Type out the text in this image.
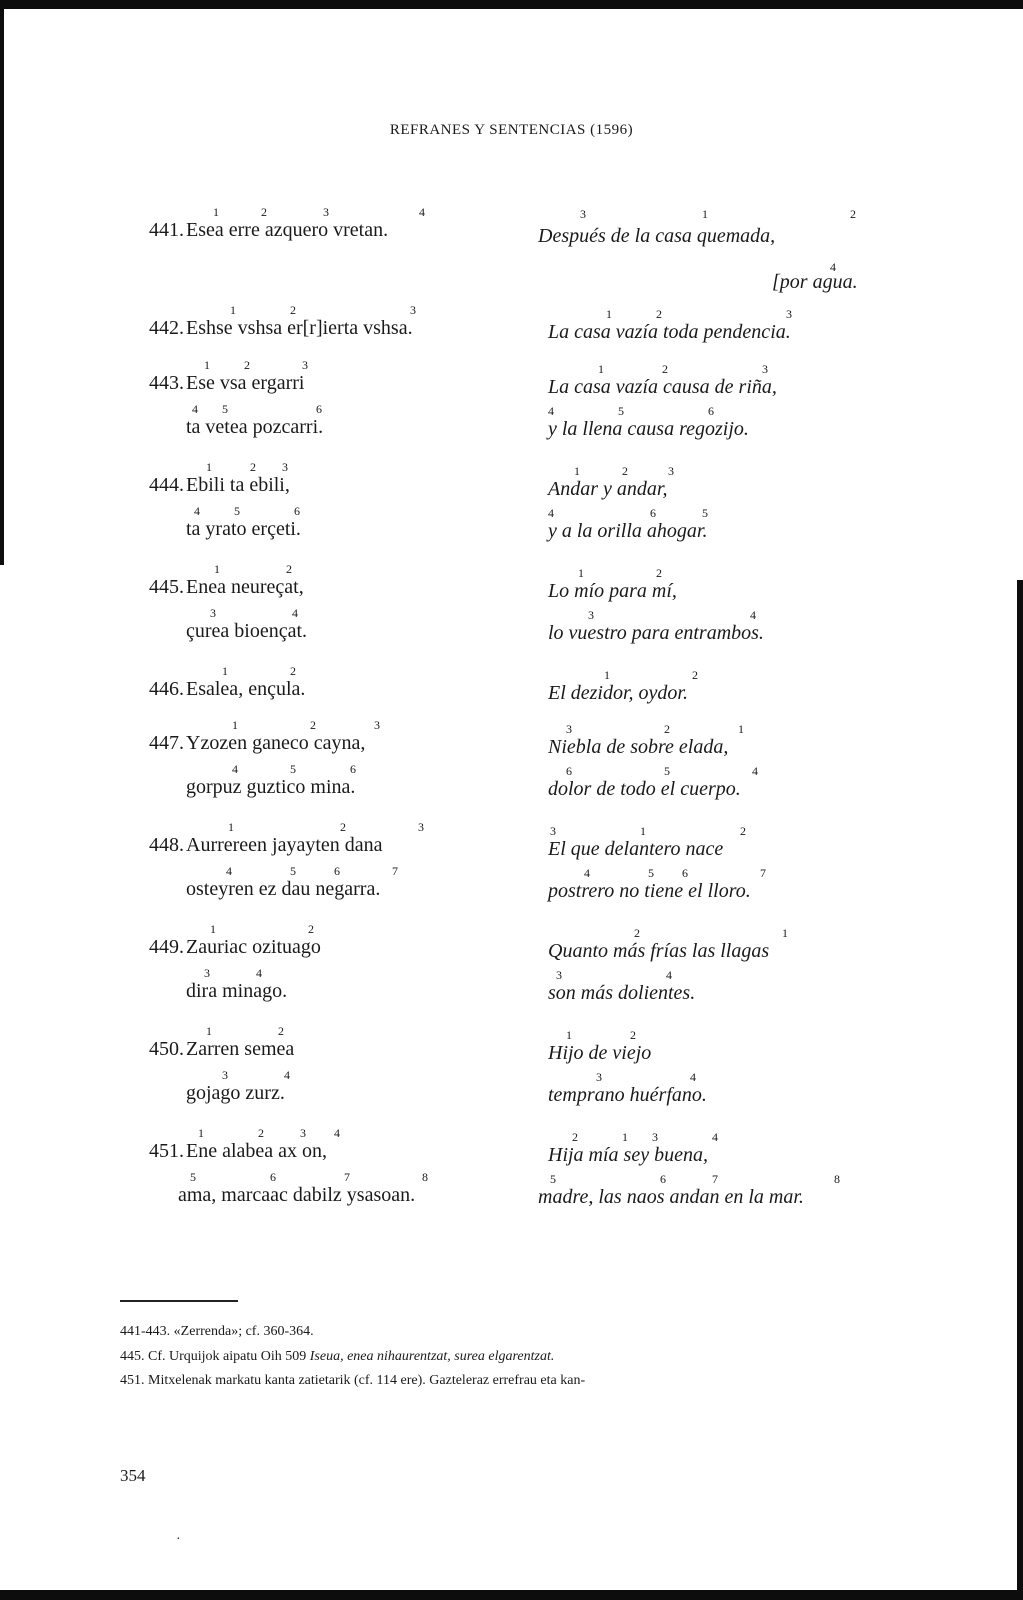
REFRANES Y SENTENCIAS (1596)
1	2	3	4
441. Esea erre azquero vretan.
3	1	2
Después de la casa quemada,
4
[por agua.
1	2	3
442. Eshse vshsa er[r]ierta vshsa.
1	2	3
La casa vazía toda pendencia.
1	2	3
443. Ese vsa ergarri
4 5	6
ta vetea pozcarri.
1	2	3
La casa vazía causa de riña,
4	5	6
y la llena causa regozijo.
1	2 3
444. Ebili ta ebili,
4	5	6
ta yrato erçeti.
1	2	3
Andar y andar,
4	6	5
y a la orilla ahogar.
1	2
445. Enea neureçat,
3	4
çurea bioençat.
1	2
Lo mío para mí,
3	4
lo vuestro para entrambos.
1	2
446. Esalea, ençula.
1	2
El dezidor, oydor.
1	2	3
447. Yzozen ganeco cayna,
4	5	6
gorpuz guztico mina.
3	2	1
Niebla de sobre elada,
6	5	4
dolor de todo el cuerpo.
1	2	3
448. Aurrereen jayayten dana
4	5	6	7
osteyren ez dau negarra.
3	1	2
El que delantero nace
4	5 6	7
postrero no tiene el lloro.
1	2
449. Zauriac ozituago
3	4
dira minago.
2	1
Quanto más frías las llagas
3	4
son más dolientes.
1	2
450. Zarren semea
3	4
gojago zurz.
1	2
Hijo de viejo
3	4
temprano huérfano.
1	2	3 4
451. Ene alabea ax on,
5	6	7	8
ama, marcaac dabilz ysasoan.
2	1 3	4
Hija mía sey buena,
5	6	7	8
madre, las naos andan en la mar.
441-443. «Zerrenda»; cf. 360-364.
445. Cf. Urquijok aipatu Oih 509 Iseua, enea nihaurentzat, surea elgarentzat.
451. Mitxelenak markatu kanta zatietarik (cf. 114 ere). Gazteleraz errefrau eta kan-
354
·
